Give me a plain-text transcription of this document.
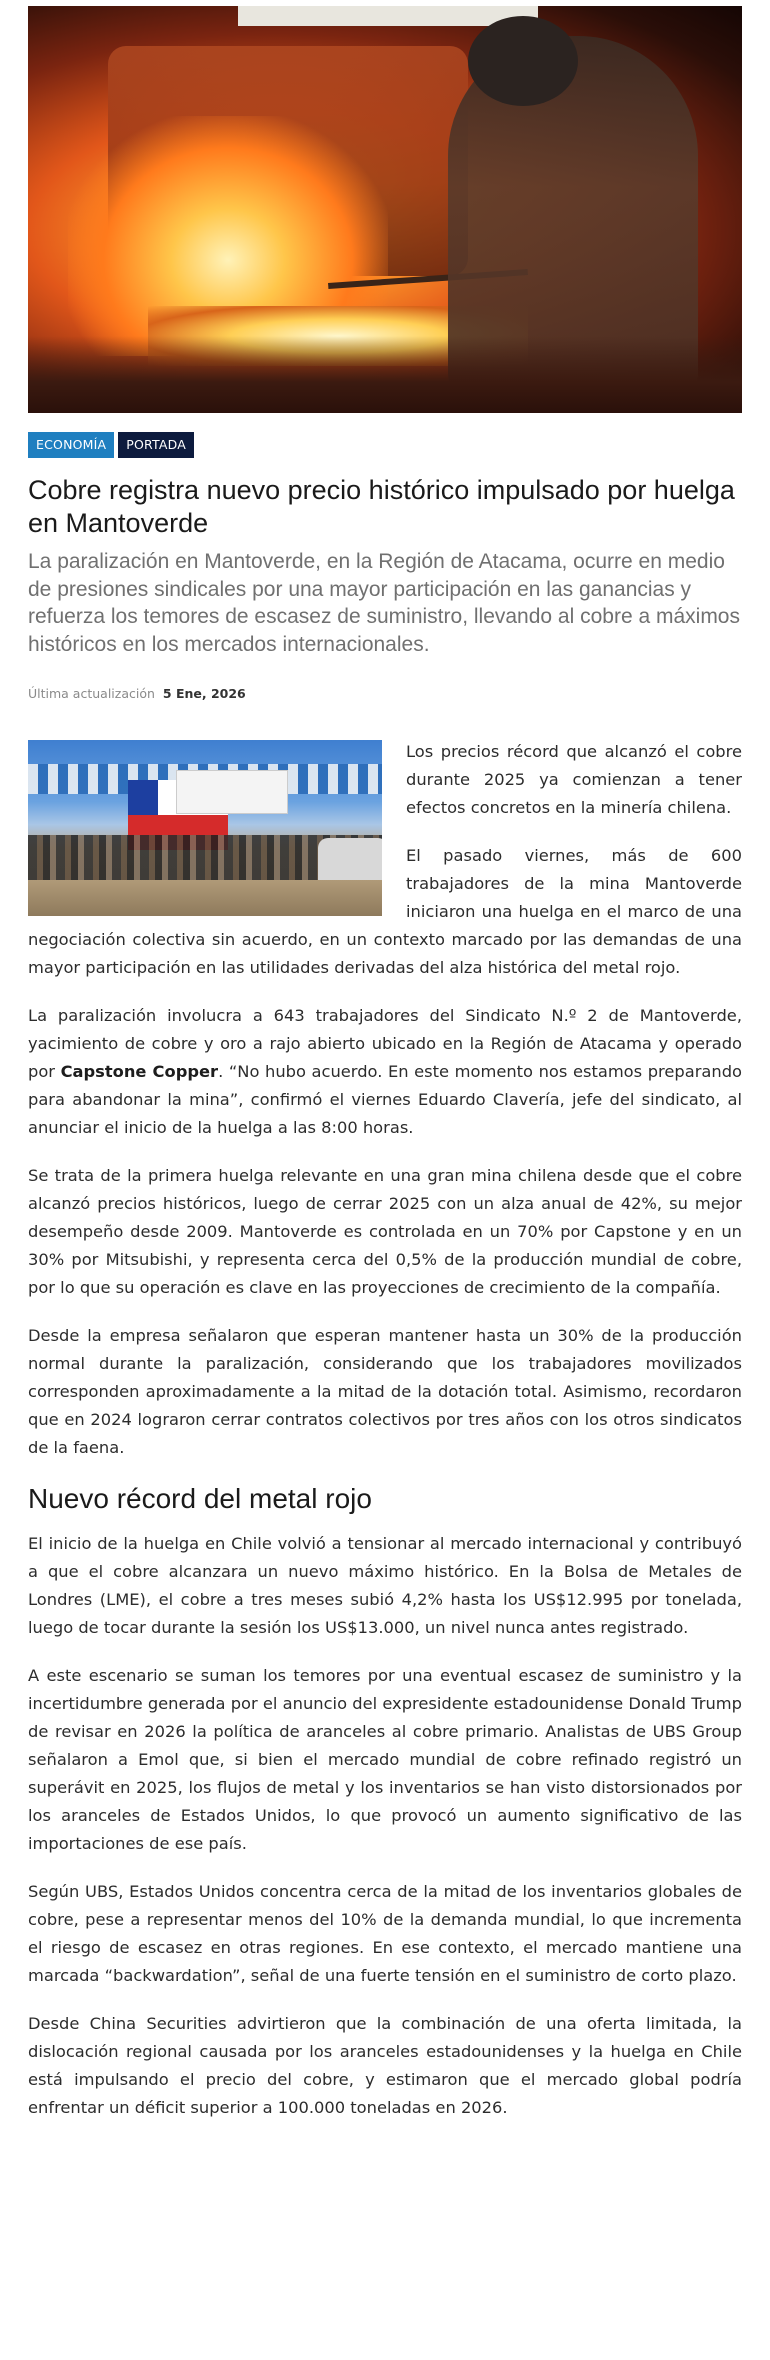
ECONOMÍA	PORTADA
Cobre registra nuevo precio histórico impulsado por huelga en Mantoverde

La paralización en Mantoverde, en la Región de Atacama, ocurre en medio de presiones sindicales por una mayor participación en las ganancias y refuerza los temores de escasez de suministro, llevando al cobre a máximos históricos en los mercados internacionales.

Última actualización 5 Ene, 2026

Los precios récord que alcanzó el cobre durante 2025 ya comienzan a tener efectos concretos en la minería chilena.

El pasado viernes, más de 600 trabajadores de la mina Mantoverde iniciaron una huelga en el marco de una negociación colectiva sin acuerdo, en un contexto marcado por las demandas de una mayor participación en las utilidades derivadas del alza histórica del metal rojo.

La paralización involucra a 643 trabajadores del Sindicato N.º 2 de Mantoverde, yacimiento de cobre y oro a rajo abierto ubicado en la Región de Atacama y operado por Capstone Copper. “No hubo acuerdo. En este momento nos estamos preparando para abandonar la mina”, confirmó el viernes Eduardo Clavería, jefe del sindicato, al anunciar el inicio de la huelga a las 8:00 horas.

Se trata de la primera huelga relevante en una gran mina chilena desde que el cobre alcanzó precios históricos, luego de cerrar 2025 con un alza anual de 42%, su mejor desempeño desde 2009. Mantoverde es controlada en un 70% por Capstone y en un 30% por Mitsubishi, y representa cerca del 0,5% de la producción mundial de cobre, por lo que su operación es clave en las proyecciones de crecimiento de la compañía.

Desde la empresa señalaron que esperan mantener hasta un 30% de la producción normal durante la paralización, considerando que los trabajadores movilizados corresponden aproximadamente a la mitad de la dotación total. Asimismo, recordaron que en 2024 lograron cerrar contratos colectivos por tres años con los otros sindicatos de la faena.

Nuevo récord del metal rojo

El inicio de la huelga en Chile volvió a tensionar al mercado internacional y contribuyó a que el cobre alcanzara un nuevo máximo histórico. En la Bolsa de Metales de Londres (LME), el cobre a tres meses subió 4,2% hasta los US$12.995 por tonelada, luego de tocar durante la sesión los US$13.000, un nivel nunca antes registrado.

A este escenario se suman los temores por una eventual escasez de suministro y la incertidumbre generada por el anuncio del expresidente estadounidense Donald Trump de revisar en 2026 la política de aranceles al cobre primario. Analistas de UBS Group señalaron a Emol que, si bien el mercado mundial de cobre refinado registró un superávit en 2025, los flujos de metal y los inventarios se han visto distorsionados por los aranceles de Estados Unidos, lo que provocó un aumento significativo de las importaciones de ese país.

Según UBS, Estados Unidos concentra cerca de la mitad de los inventarios globales de cobre, pese a representar menos del 10% de la demanda mundial, lo que incrementa el riesgo de escasez en otras regiones. En ese contexto, el mercado mantiene una marcada “backwardation”, señal de una fuerte tensión en el suministro de corto plazo.

Desde China Securities advirtieron que la combinación de una oferta limitada, la dislocación regional causada por los aranceles estadounidenses y la huelga en Chile está impulsando el precio del cobre, y estimaron que el mercado global podría enfrentar un déficit superior a 100.000 toneladas en 2026.
